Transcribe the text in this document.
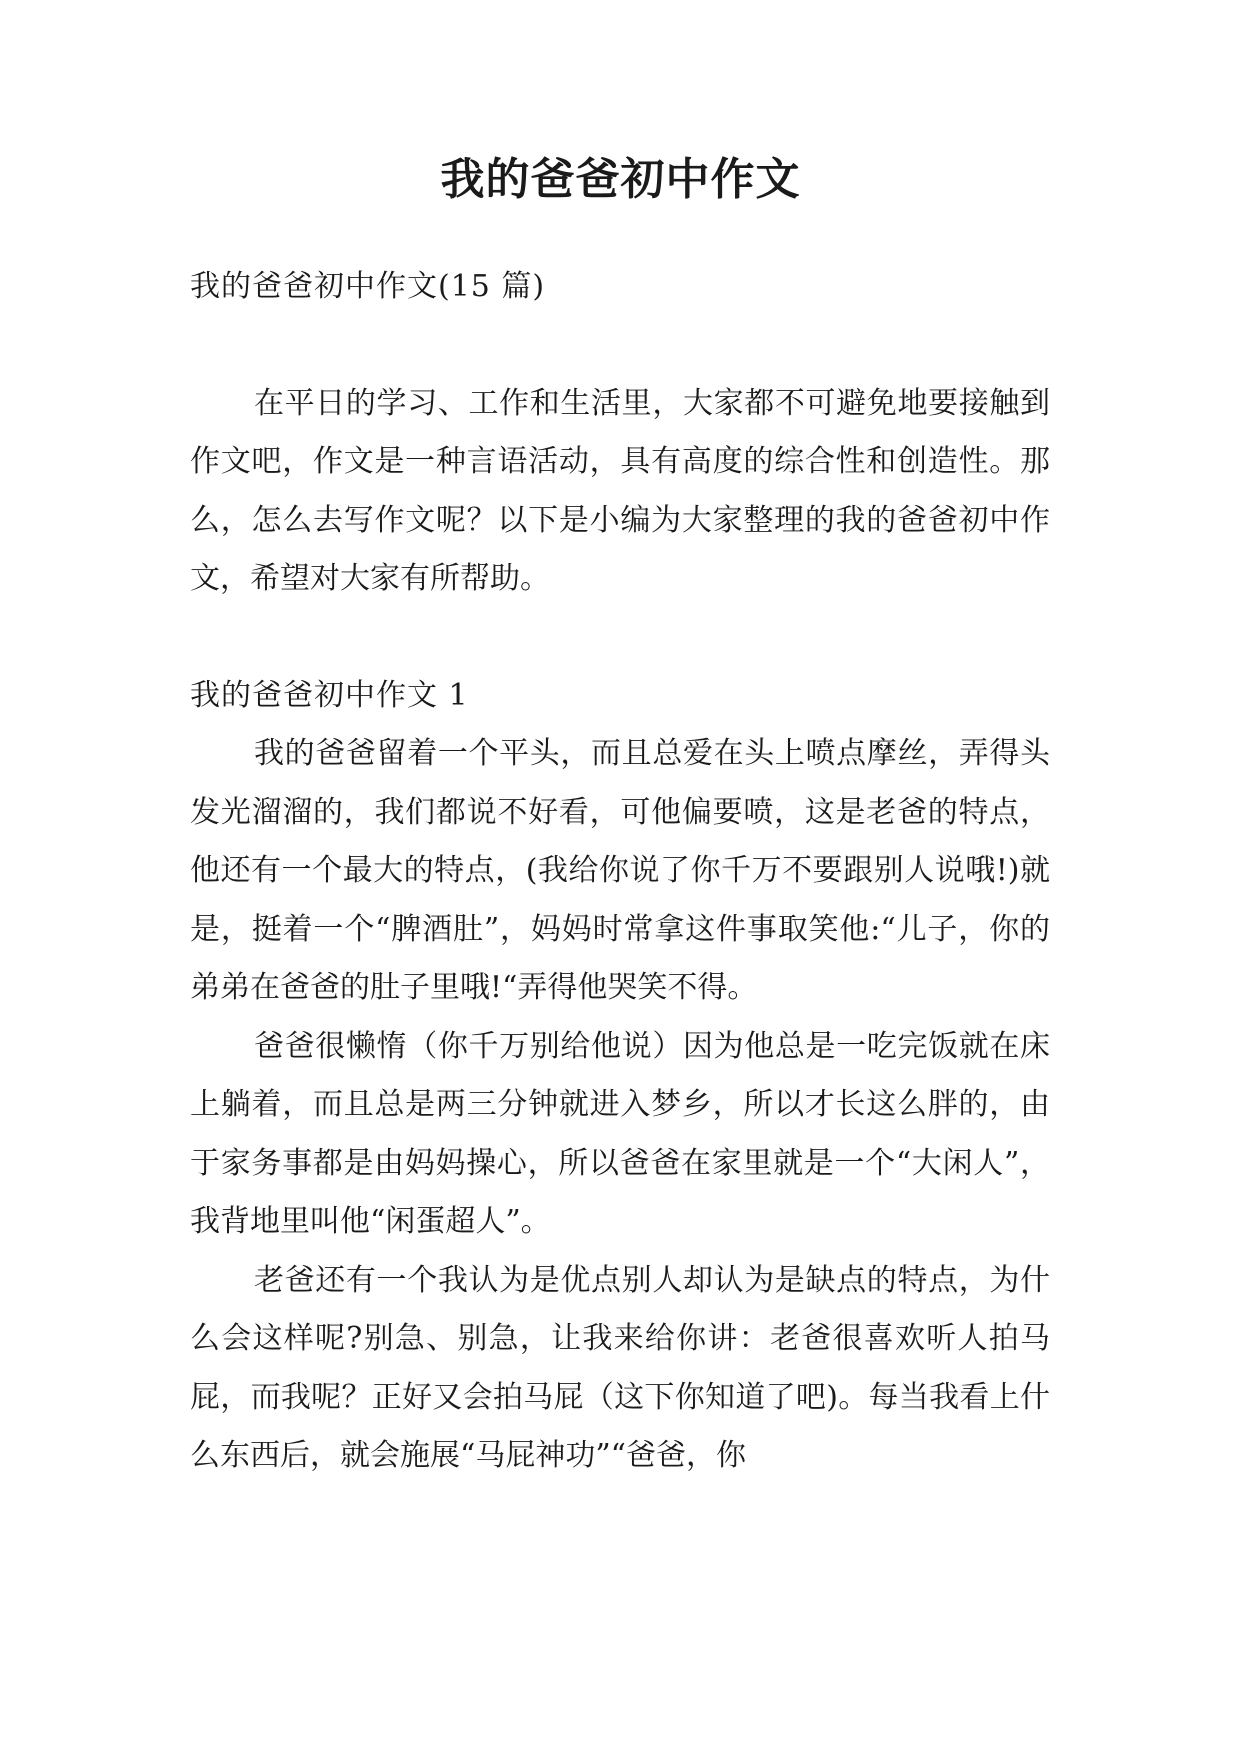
我的爸爸初中作文

我的爸爸初中作文(15 篇)

在平日的学习、工作和生活里，大家都不可避免地要接触到作文吧，作文是一种言语活动，具有高度的综合性和创造性。那么，怎么去写作文呢？以下是小编为大家整理的我的爸爸初中作文，希望对大家有所帮助。

我的爸爸初中作文 1

我的爸爸留着一个平头，而且总爱在头上喷点摩丝，弄得头发光溜溜的，我们都说不好看，可他偏要喷，这是老爸的特点，他还有一个最大的特点，(我给你说了你千万不要跟别人说哦!)就是，挺着一个“脾酒肚”，妈妈时常拿这件事取笑他:“儿子，你的弟弟在爸爸的肚子里哦!“弄得他哭笑不得。

爸爸很懒惰（你千万别给他说）因为他总是一吃完饭就在床上躺着，而且总是两三分钟就进入梦乡，所以才长这么胖的，由于家务事都是由妈妈操心，所以爸爸在家里就是一个“大闲人”，我背地里叫他“闲蛋超人”。

老爸还有一个我认为是优点别人却认为是缺点的特点，为什么会这样呢?别急、别急，让我来给你讲：老爸很喜欢听人拍马屁，而我呢？正好又会拍马屁（这下你知道了吧)。每当我看上什么东西后，就会施展“马屁神功”“爸爸，你
